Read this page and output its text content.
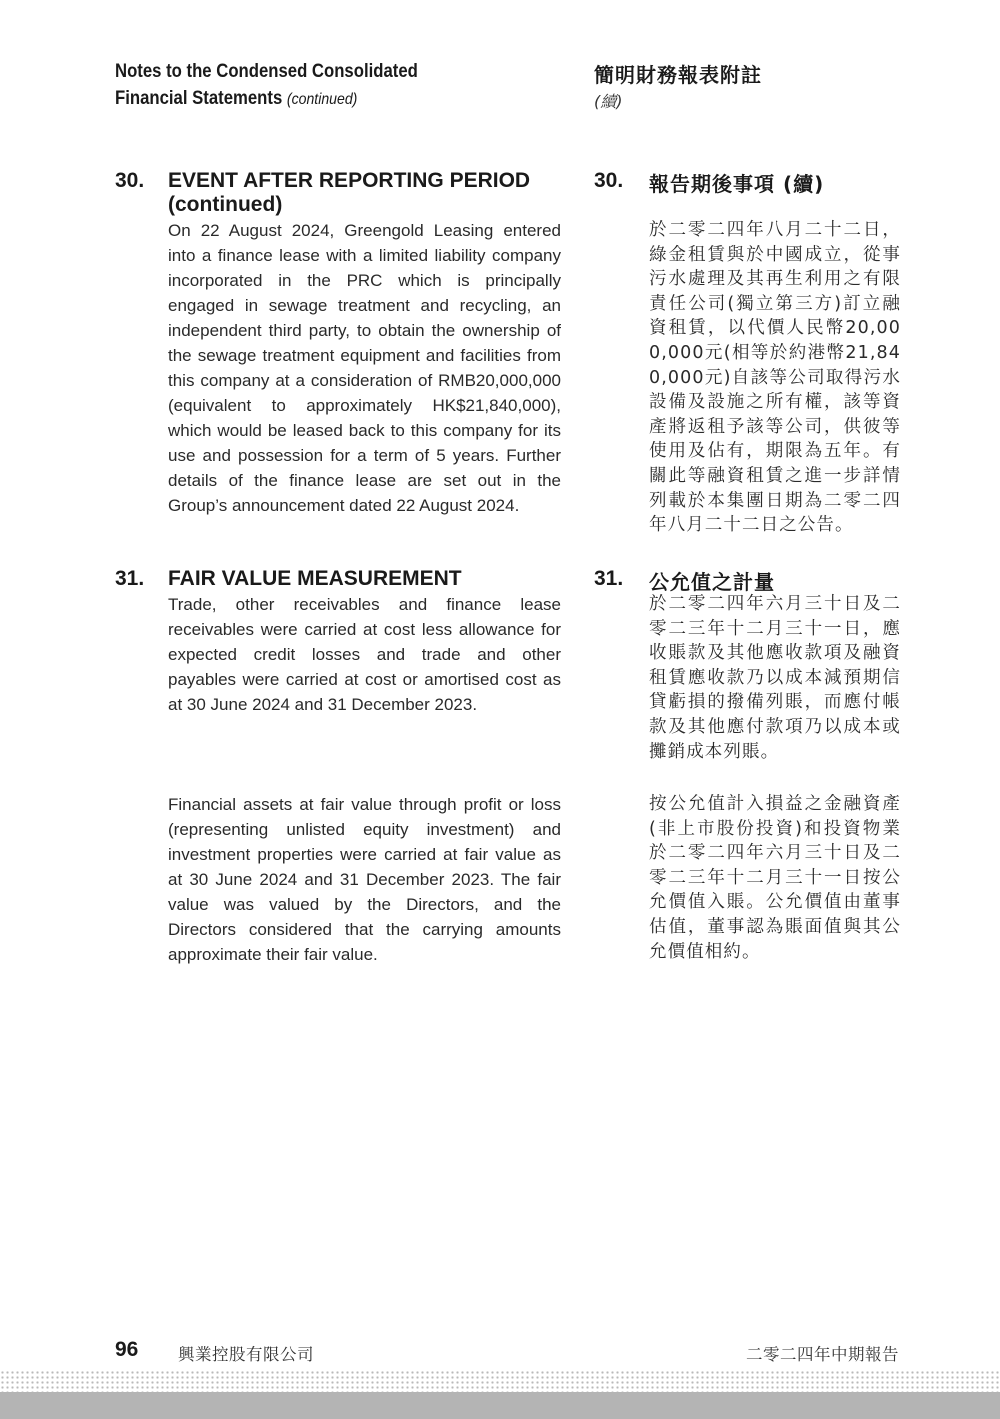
Notes to the Condensed Consolidated
Financial Statements (continued)
簡明財務報表附註
(續)
30. EVENT AFTER REPORTING PERIOD
(continued)
30. 報告期後事項 (續)

On 22 August 2024, Greengold Leasing entered into a finance lease with a limited liability company incorporated in the PRC which is principally engaged in sewage treatment and recycling, an independent third party, to obtain the ownership of the sewage treatment equipment and facilities from this company at a consideration of RMB20,000,000 (equivalent to approximately HK$21,840,000), which would be leased back to this company for its use and possession for a term of 5 years. Further details of the finance lease are set out in the Group’s announcement dated 22 August 2024.

於二零二四年八月二十二日，綠金租賃與於中國成立，從事污水處理及其再生利用之有限責任公司(獨立第三方)訂立融資租賃，以代價人民幣20,000,000元(相等於約港幣21,840,000元)自該等公司取得污水設備及設施之所有權，該等資產將返租予該等公司，供彼等使用及佔有，期限為五年。有關此等融資租賃之進一步詳情列載於本集團日期為二零二四年八月二十二日之公告。

31. FAIR VALUE MEASUREMENT	31. 公允值之計量

Trade, other receivables and finance lease receivables were carried at cost less allowance for expected credit losses and trade and other payables were carried at cost or amortised cost as at 30 June 2024 and 31 December 2023.

於二零二四年六月三十日及二零二三年十二月三十一日，應收賬款及其他應收款項及融資租賃應收款乃以成本減預期信貸虧損的撥備列賬，而應付帳款及其他應付款項乃以成本或攤銷成本列賬。

Financial assets at fair value through profit or loss (representing unlisted equity investment) and investment properties were carried at fair value as at 30 June 2024 and 31 December 2023. The fair value was valued by the Directors, and the Directors considered that the carrying amounts approximate their fair value.

按公允值計入損益之金融資產(非上市股份投資)和投資物業於二零二四年六月三十日及二零二三年十二月三十一日按公允價值入賬。公允價值由董事估值，董事認為賬面值與其公允價值相約。

96 興業控股有限公司	二零二四年中期報告
